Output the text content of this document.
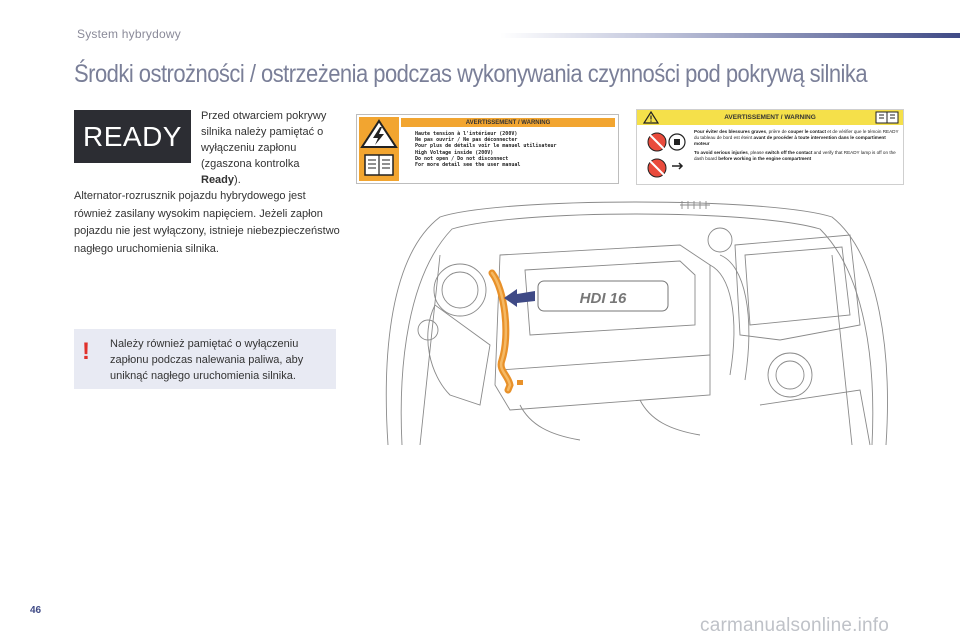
System hybrydowy
Środki ostrożności / ostrzeżenia podczas wykonywania czynności pod pokrywą silnika
READY
Przed otwarciem pokrywy silnika należy pamiętać o wyłączeniu zapłonu (zgaszona kontrolka Ready).
Alternator-rozrusznik pojazdu hybrydowego jest również zasilany wysokim napięciem. Jeżeli zapłon pojazdu nie jest wyłączony, istnieje niebezpieczeństwo nagłego uruchomienia silnika.
! Należy również pamiętać o wyłączeniu zapłonu podczas nalewania paliwa, aby uniknąć nagłego uruchomienia silnika.
AVERTISSEMENT / WARNING
Haute tension à l'intérieur (200V)
Ne pas ouvrir / Ne pas déconnecter
Pour plus de détails voir le manuel utilisateur
High Voltage inside (200V)
Do not open / Do not disconnect
For more detail see the user manual
AVERTISSEMENT / WARNING
Pour éviter des blessures graves, prière de couper le contact et de vérifier que le témoin READY du tableau de bord est éteint avant de procéder à toute intervention dans le compartiment moteur
To avoid serious injuries, please switch off the contact and verify that READY lamp is off on the dash board before working in the engine compartment
HDI 16
46
carmanualsonline.info
